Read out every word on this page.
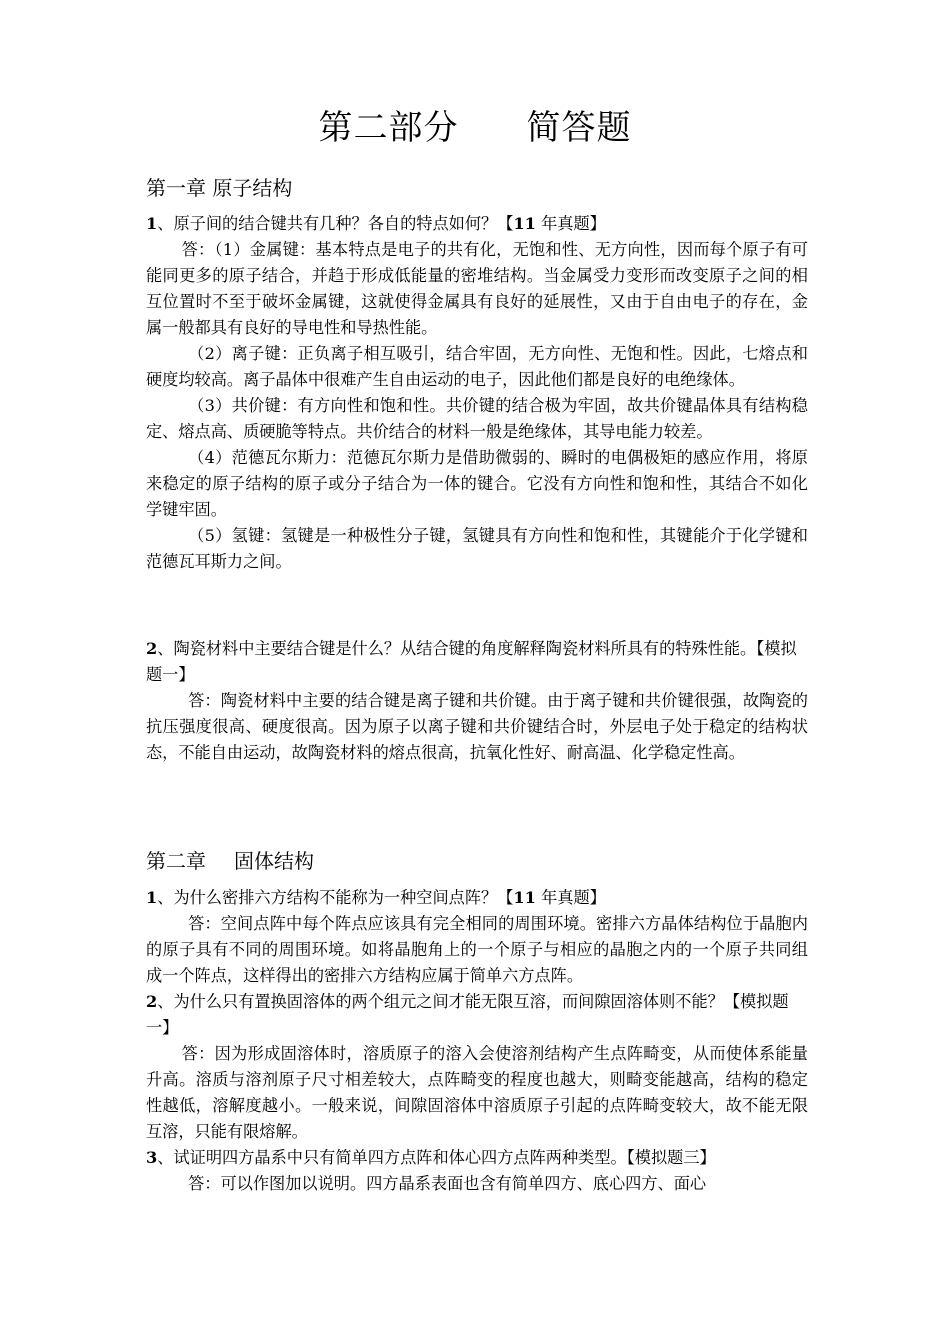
第二部分 简答题
第一章 原子结构
1、原子间的结合键共有几种？各自的特点如何？【11 年真题】
答：（1）金属键：基本特点是电子的共有化，无饱和性、无方向性，因而每个原子有可能同更多的原子结合，并趋于形成低能量的密堆结构。当金属受力变形而改变原子之间的相互位置时不至于破坏金属键，这就使得金属具有良好的延展性，又由于自由电子的存在，金属一般都具有良好的导电性和导热性能。
（2）离子键：正负离子相互吸引，结合牢固，无方向性、无饱和性。因此，七熔点和硬度均较高。离子晶体中很难产生自由运动的电子，因此他们都是良好的电绝缘体。
（3）共价键：有方向性和饱和性。共价键的结合极为牢固，故共价键晶体具有结构稳定、熔点高、质硬脆等特点。共价结合的材料一般是绝缘体，其导电能力较差。
（4）范德瓦尔斯力：范德瓦尔斯力是借助微弱的、瞬时的电偶极矩的感应作用，将原来稳定的原子结构的原子或分子结合为一体的键合。它没有方向性和饱和性，其结合不如化学键牢固。
（5）氢键：氢键是一种极性分子键，氢键具有方向性和饱和性，其键能介于化学键和范德瓦耳斯力之间。
2、陶瓷材料中主要结合键是什么？从结合键的角度解释陶瓷材料所具有的特殊性能。【模拟题一】
答：陶瓷材料中主要的结合键是离子键和共价键。由于离子键和共价键很强，故陶瓷的抗压强度很高、硬度很高。因为原子以离子键和共价键结合时，外层电子处于稳定的结构状态，不能自由运动，故陶瓷材料的熔点很高，抗氧化性好、耐高温、化学稳定性高。
第二章 固体结构
1、为什么密排六方结构不能称为一种空间点阵？【11 年真题】
答：空间点阵中每个阵点应该具有完全相同的周围环境。密排六方晶体结构位于晶胞内的原子具有不同的周围环境。如将晶胞角上的一个原子与相应的晶胞之内的一个原子共同组成一个阵点，这样得出的密排六方结构应属于简单六方点阵。
2、为什么只有置换固溶体的两个组元之间才能无限互溶，而间隙固溶体则不能？【模拟题一】
答：因为形成固溶体时，溶质原子的溶入会使溶剂结构产生点阵畸变，从而使体系能量升高。溶质与溶剂原子尺寸相差较大，点阵畸变的程度也越大，则畸变能越高，结构的稳定性越低，溶解度越小。一般来说，间隙固溶体中溶质原子引起的点阵畸变较大，故不能无限互溶，只能有限熔解。
3、试证明四方晶系中只有简单四方点阵和体心四方点阵两种类型。【模拟题三】
答：可以作图加以说明。四方晶系表面也含有简单四方、底心四方、面心
